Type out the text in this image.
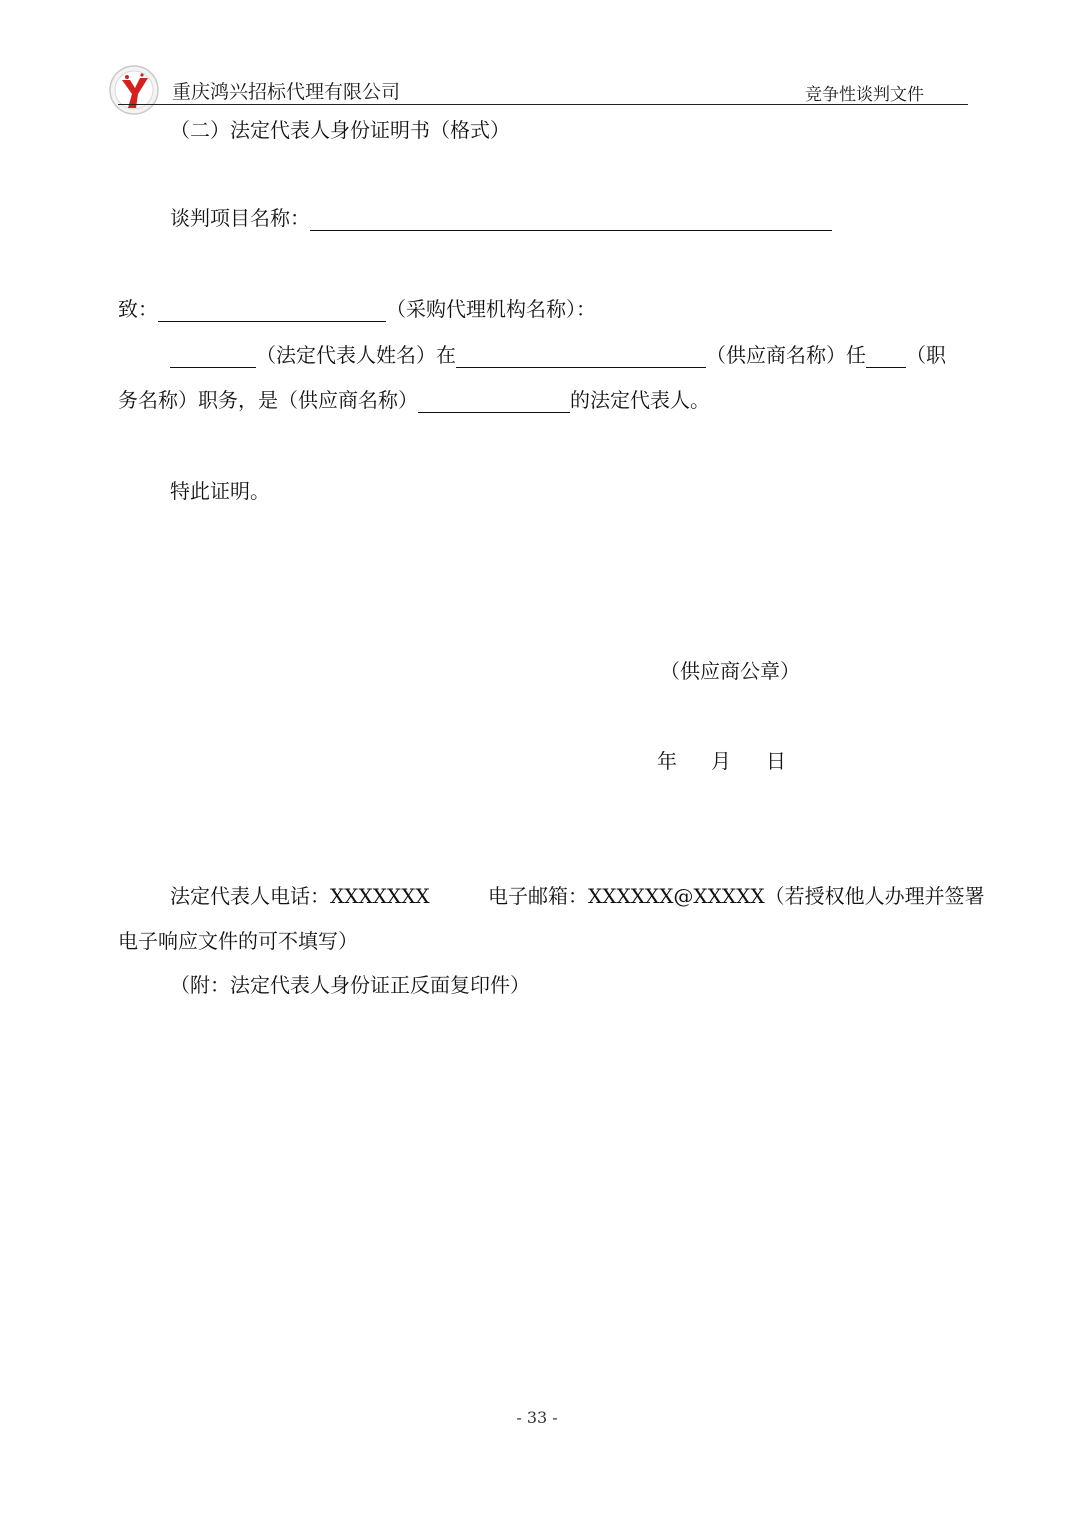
重庆鸿兴招标代理有限公司	竞争性谈判文件
（二）法定代表人身份证明书（格式）
谈判项目名称：
致：	（采购代理机构名称）：
（法定代表人姓名）在	（供应商名称）任 （职
务名称）职务，是（供应商名称）	的法定代表人。
特此证明。
（供应商公章）
年 月 日
法定代表人电话：XXXXXXX	电子邮箱：XXXXXX@XXXXX（若授权他人办理并签署
电子响应文件的可不填写）
（附：法定代表人身份证正反面复印件）
- 33 -
